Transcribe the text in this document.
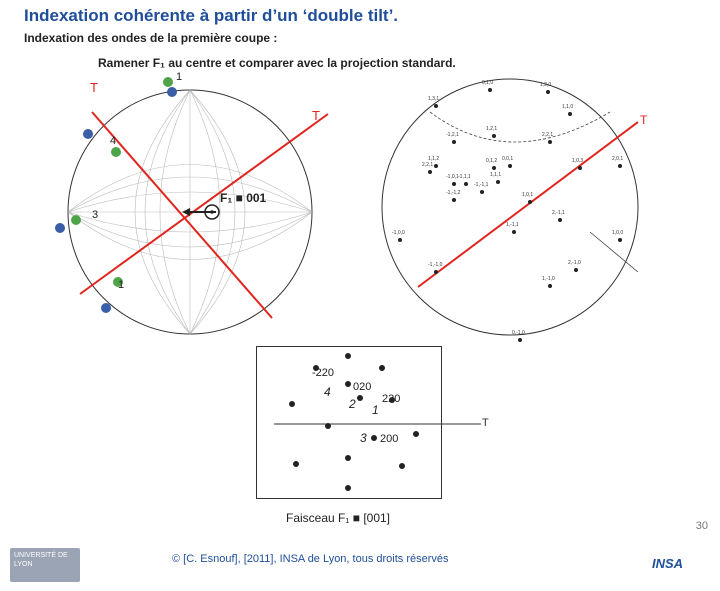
Indexation cohérente à partir d’un ‘double tilt’.
Indexation des ondes de la première coupe :
Ramener F₁ au centre et comparer avec la projection standard.
T
T
F₁ ■ 001
1
4
3
1
T
0,1,0	1,2,0
1,3,1
1,1,0
-1,2,1
1,2,1
2,2,1
1,1,2
2,2,1
-1,0,1
0,1,2	1,0,3	2,0,1
-1,1,1	1,1,1
0,0,1
1,0,1
-1,-1,2
-1,-1,1
1,-1,1
2,-1,1
-1,-1,0	2,-1,0
1,-1,0
0,-1,0
-1,0,0	1,0,0
T
-220
020
220
200
4
2 1
3
Faisceau F₁ ■ [001]
30
© [C. Esnouf], [2011], INSA de Lyon, tous droits réservés
UNIVERSITÉ DE LYON	INSA
